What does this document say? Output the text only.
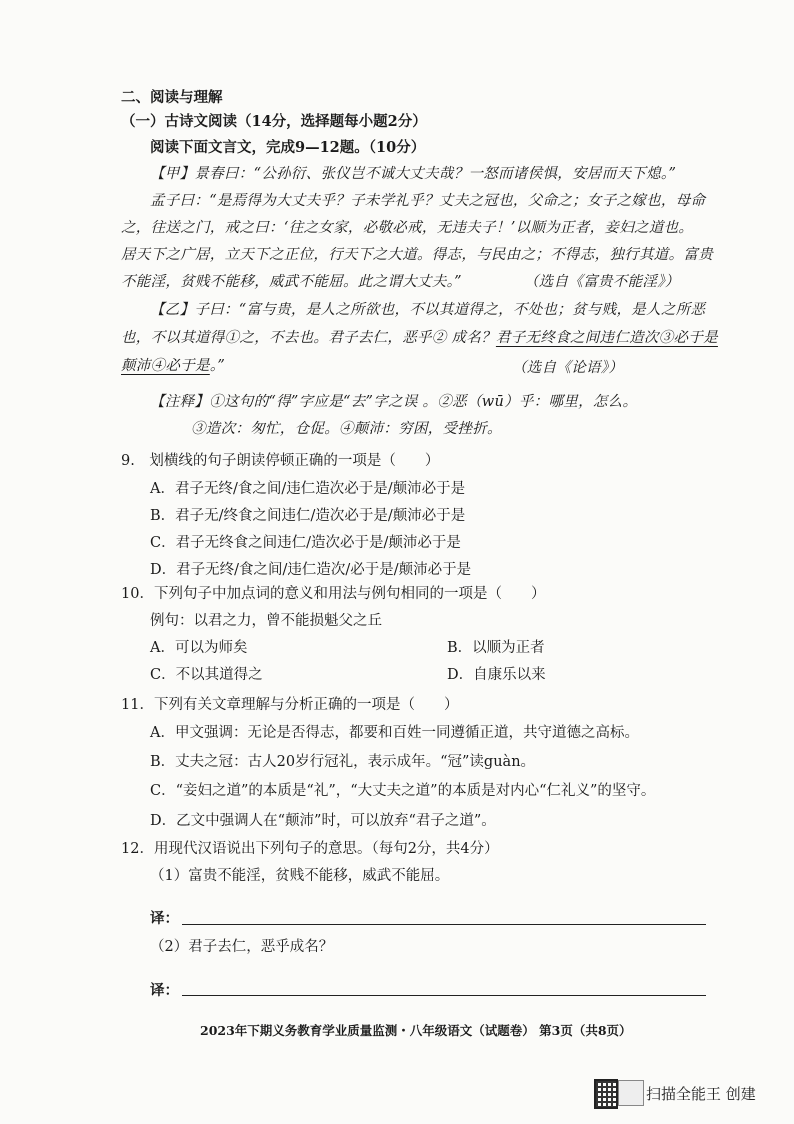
二、阅读与理解
（一）古诗文阅读（14分，选择题每小题2分）
阅读下面文言文，完成9—12题。（10分）
【甲】景春曰：“公孙衍、张仪岂不诚大丈夫哉？一怒而诸侯惧，安居而天下熄。”
孟子曰：“是焉得为大丈夫乎？子未学礼乎？丈夫之冠也，父命之；女子之嫁也，母命
之，往送之门，戒之曰：‘往之女家，必敬必戒，无违夫子！’以顺为正者，妾妇之道也。
居天下之广居，立天下之正位，行天下之大道。得志，与民由之；不得志，独行其道。富贵
不能淫，贫贱不能移，威武不能屈。此之谓大丈夫。”	（选自《富贵不能淫》）
【乙】子曰：“富与贵，是人之所欲也，不以其道得之，不处也；贫与贱，是人之所恶
也，不以其道得①之，不去也。君子去仁，恶乎② 成名？君子无终食之间违仁造次③必于是
颠沛④必于是。”	（选自《论语》）
【注释】①这句的“得”字应是“去”字之误 。②恶（wū）乎：哪里，怎么。
③造次：匆忙，仓促。④颠沛：穷困，受挫折。
9.　划横线的句子朗读停顿正确的一项是（　　）
A．君子无终/食之间/违仁造次必于是/颠沛必于是
B．君子无/终食之间违仁/造次必于是/颠沛必于是
C．君子无终食之间违仁/造次必于是/颠沛必于是
D．君子无终/食之间/违仁造次/必于是/颠沛必于是
10．下列句子中加点词的意义和用法与例句相同的一项是（　　）
例句：以君之力，曾不能损魁父之丘
A．可以为师矣	B．以顺为正者
C．不以其道得之	D．自康乐以来
11．下列有关文章理解与分析正确的一项是（　　）
A．甲文强调：无论是否得志，都要和百姓一同遵循正道，共守道德之高标。
B．丈夫之冠：古人20岁行冠礼，表示成年。“冠”读guàn。
C．“妾妇之道”的本质是“礼”，“大丈夫之道”的本质是对内心“仁礼义”的坚守。
D．乙文中强调人在“颠沛”时，可以放弃“君子之道”。
12．用现代汉语说出下列句子的意思。（每句2分，共4分）
（1）富贵不能淫，贫贱不能移，威武不能屈。
译：
（2）君子去仁，恶乎成名？
译：
2023年下期义务教育学业质量监测・八年级语文（试题卷） 第3页（共8页）
扫描全能王 创建
